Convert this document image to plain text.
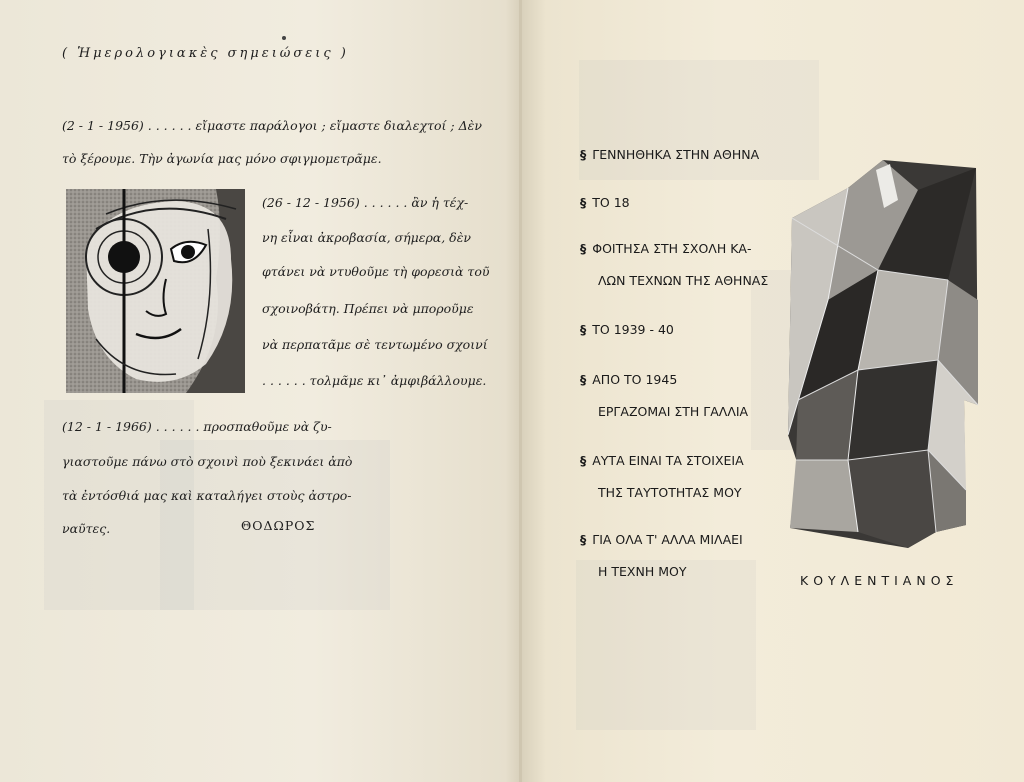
( Ἡμερολογιακὲς σημειώσεις )
(2 - 1 - 1956) . . . . . . εἴμαστε παράλογοι ; εἴμαστε διαλεχτοί ; Δὲν
τὸ ξέρουμε. Τὴν ἀγωνία μας μόνο σφιγμομετρᾶμε.
(26 - 12 - 1956) . . . . . . ἂν ἡ τέχ-
νη εἶναι ἀκροβασία, σήμερα, δὲν
φτάνει νὰ ντυθοῦμε τὴ φορεσιὰ τοῦ
σχοινοβάτη. Πρέπει νὰ μποροῦμε
νὰ περπατᾶμε σὲ τεντωμένο σχοινί
. . . . . . τολμᾶμε κι᾿ ἀμφιβάλλουμε.
(12 - 1 - 1966) . . . . . . προσπαθοῦμε νὰ ζυ-
γιαστοῦμε πάνω στὸ σχοινὶ ποὺ ξεκινάει ἀπὸ
τὰ ἐντόσθιά μας καὶ καταλήγει στοὺς ἀστρο-
ναῦτες.	ΘΟΔΩΡΟΣ
§ ΓΕΝΝΗΘΗΚΑ ΣΤΗΝ ΑΘΗΝΑ
§ ΤΟ 18
§ ΦΟΙΤΗΣΑ ΣΤΗ ΣΧΟΛΗ ΚΑ-
ΛΩΝ ΤΕΧΝΩΝ ΤΗΣ ΑΘΗΝΑΣ
§ ΤΟ 1939 - 40
§ ΑΠΟ ΤΟ 1945
ΕΡΓΑΖΟΜΑΙ ΣΤΗ ΓΑΛΛΙΑ
§ ΑΥΤΑ ΕΙΝΑΙ ΤΑ ΣΤΟΙΧΕΙΑ
ΤΗΣ ΤΑΥΤΟΤΗΤΑΣ ΜΟΥ
§ ΓΙΑ ΟΛΑ Τ' ΑΛΛΑ ΜΙΛΑΕΙ
Η ΤΕΧΝΗ ΜΟΥ
ΚΟΥΛΕΝΤΙΑΝΟΣ
